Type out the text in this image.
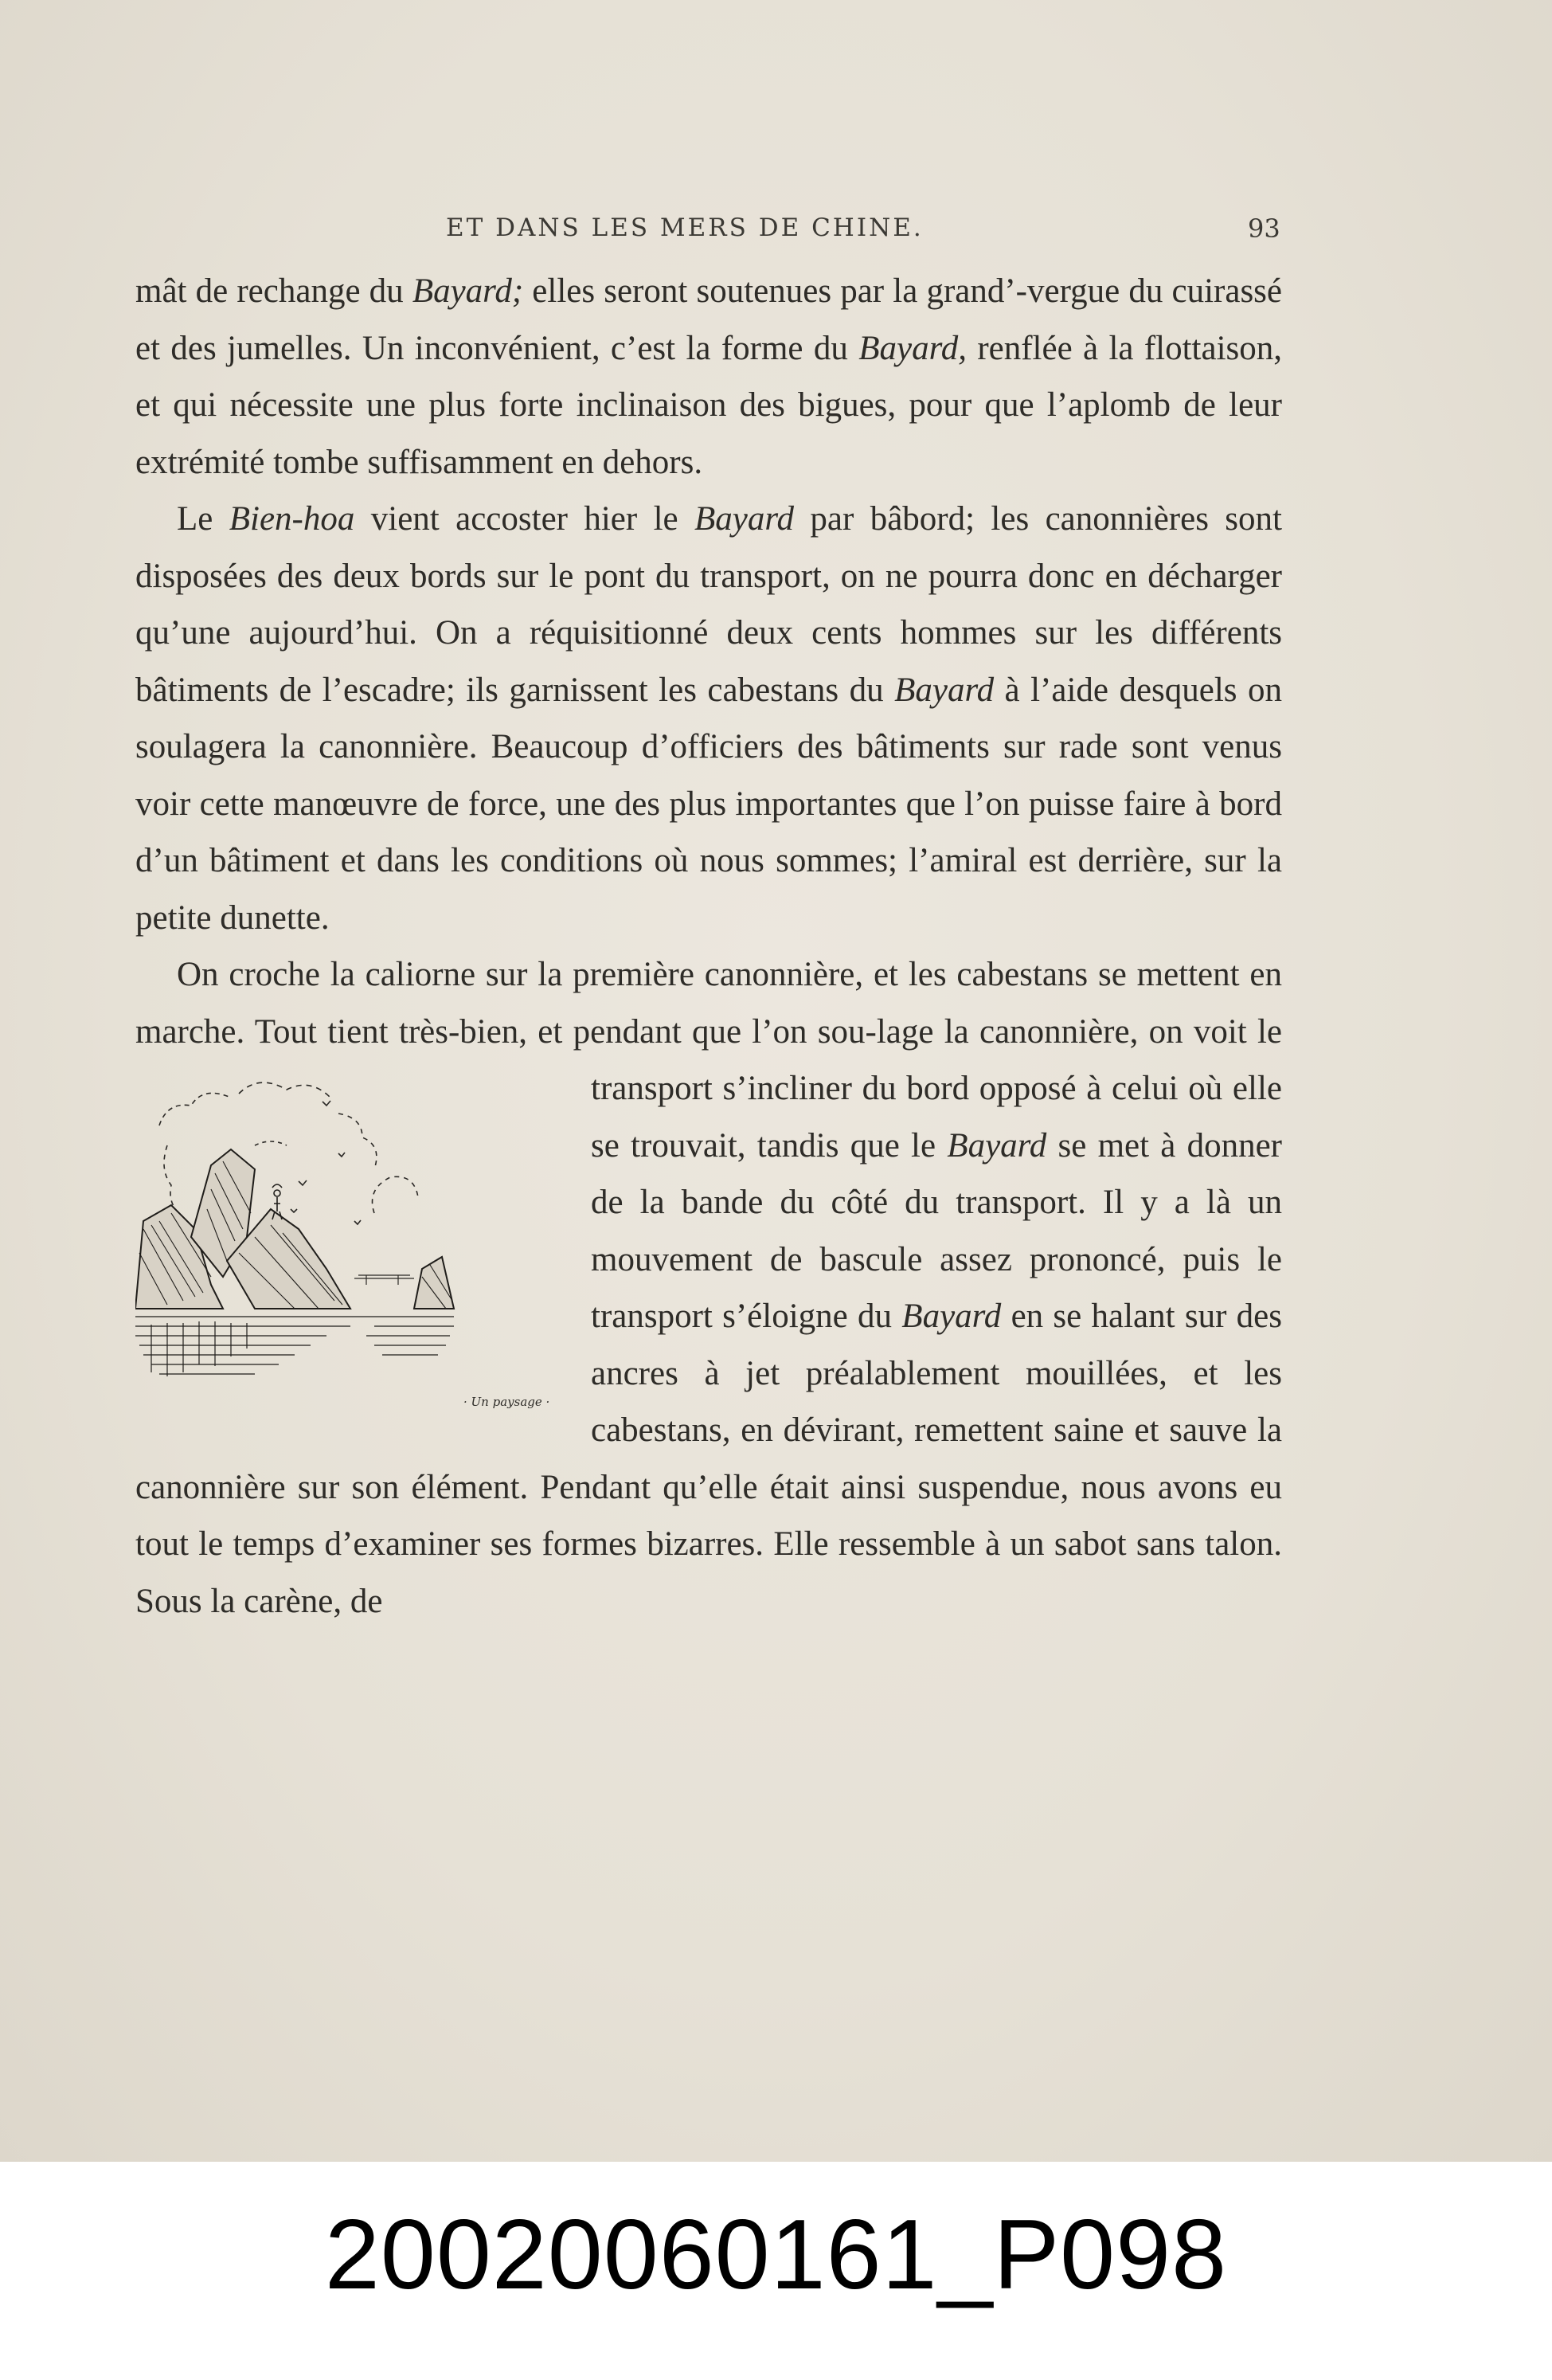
ET DANS LES MERS DE CHINE.	93

mât de rechange du Bayard; elles seront soutenues par la grand’-vergue du cuirassé et des jumelles. Un inconvénient, c’est la forme du Bayard, renflée à la flottaison, et qui nécessite une plus forte inclinaison des bigues, pour que l’aplomb de leur extrémité tombe suffisamment en dehors.

Le Bien-hoa vient accoster hier le Bayard par bâbord; les canonnières sont disposées des deux bords sur le pont du transport, on ne pourra donc en décharger qu’une aujourd’hui. On a réquisitionné deux cents hommes sur les différents bâtiments de l’escadre; ils garnissent les cabestans du Bayard à l’aide desquels on soulagera la canonnière. Beaucoup d’officiers des bâtiments sur rade sont venus voir cette manœuvre de force, une des plus importantes que l’on puisse faire à bord d’un bâtiment et dans les conditions où nous sommes; l’amiral est derrière, sur la petite dunette.

On croche la caliorne sur la première canonnière, et les cabestans se mettent en marche. Tout tient très-bien, et pendant que l’on sou-
· Un paysage ·
lage la canonnière, on voit le transport s’incliner du bord opposé à celui où elle se trouvait, tandis que le Bayard se met à donner de la bande du côté du transport. Il y a là un mouvement de bascule assez prononcé, puis le transport s’éloigne du Bayard en se halant sur des ancres à jet préalablement mouillées, et les cabestans, en dévirant, remettent saine et sauve la canonnière sur son élément. Pendant qu’elle était ainsi suspendue, nous avons eu tout le temps d’examiner ses formes bizarres. Elle ressemble à un sabot sans talon. Sous la carène, de

20020060161_P098
